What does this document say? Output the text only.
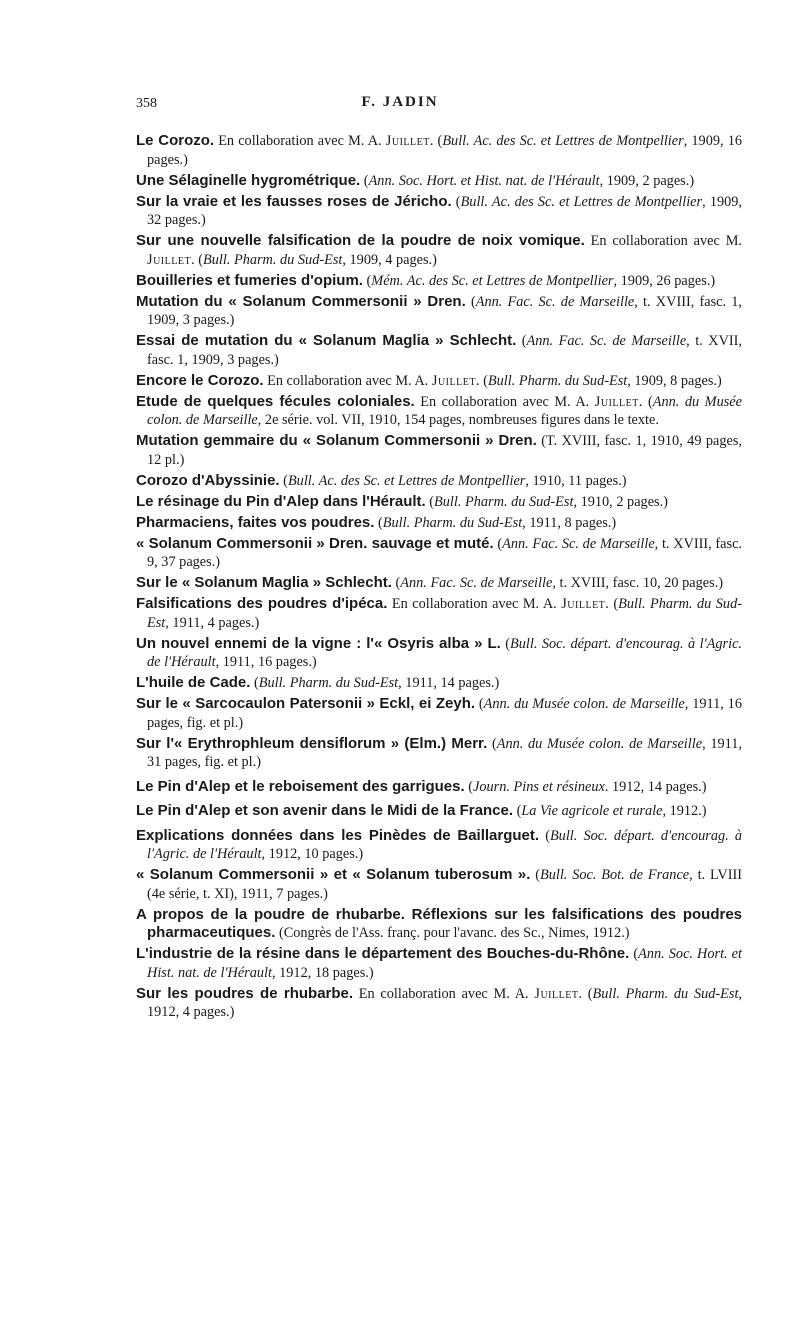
358	F. JADIN

Le Corozo. En collaboration avec M. A. Juillet. (Bull. Ac. des Sc. et Lettres de Montpellier, 1909, 16 pages.)

Une Sélaginelle hygrométrique. (Ann. Soc. Hort. et Hist. nat. de l'Hérault, 1909, 2 pages.)

Sur la vraie et les fausses roses de Jéricho. (Bull. Ac. des Sc. et Lettres de Montpellier, 1909, 32 pages.)

Sur une nouvelle falsification de la poudre de noix vomique. En collaboration avec M. Juillet. (Bull. Pharm. du Sud-Est, 1909, 4 pages.)

Bouilleries et fumeries d'opium. (Mém. Ac. des Sc. et Lettres de Montpellier, 1909, 26 pages.)

Mutation du « Solanum Commersonii » Dren. (Ann. Fac. Sc. de Marseille, t. XVIII, fasc. 1, 1909, 3 pages.)

Essai de mutation du « Solanum Maglia » Schlecht. (Ann. Fac. Sc. de Marseille, t. XVII, fasc. 1, 1909, 3 pages.)

Encore le Corozo. En collaboration avec M. A. Juillet. (Bull. Pharm. du Sud-Est, 1909, 8 pages.)

Etude de quelques fécules coloniales. En collaboration avec M. A. Juillet. (Ann. du Musée colon. de Marseille, 2e série. vol. VII, 1910, 154 pages, nombreuses figures dans le texte.

Mutation gemmaire du « Solanum Commersonii » Dren. (T. XVIII, fasc. 1, 1910, 49 pages, 12 pl.)

Corozo d'Abyssinie. (Bull. Ac. des Sc. et Lettres de Montpellier, 1910, 11 pages.)

Le résinage du Pin d'Alep dans l'Hérault. (Bull. Pharm. du Sud-Est, 1910, 2 pages.)

Pharmaciens, faites vos poudres. (Bull. Pharm. du Sud-Est, 1911, 8 pages.)

« Solanum Commersonii » Dren. sauvage et muté. (Ann. Fac. Sc. de Marseille, t. XVIII, fasc. 9, 37 pages.)

Sur le « Solanum Maglia » Schlecht. (Ann. Fac. Sc. de Marseille, t. XVIII, fasc. 10, 20 pages.)

Falsifications des poudres d'ipéca. En collaboration avec M. A. Juillet. (Bull. Pharm. du Sud-Est, 1911, 4 pages.)

Un nouvel ennemi de la vigne : l'« Osyris alba » L. (Bull. Soc. départ. d'encourag. à l'Agric. de l'Hérault, 1911, 16 pages.)

L'huile de Cade. (Bull. Pharm. du Sud-Est, 1911, 14 pages.)

Sur le « Sarcocaulon Patersonii » Eckl, ei Zeyh. (Ann. du Musée colon. de Marseille, 1911, 16 pages, fig. et pl.)

Sur l'« Erythrophleum densiflorum » (Elm.) Merr. (Ann. du Musée colon. de Marseille, 1911, 31 pages, fig. et pl.)

Le Pin d'Alep et le reboisement des garrigues. (Journ. Pins et résineux. 1912, 14 pages.)

Le Pin d'Alep et son avenir dans le Midi de la France. (La Vie agricole et rurale, 1912.)

Explications données dans les Pinèdes de Baillarguet. (Bull. Soc. départ. d'encourag. à l'Agric. de l'Hérault, 1912, 10 pages.)

« Solanum Commersonii » et « Solanum tuberosum ». (Bull. Soc. Bot. de France, t. LVIII (4e série, t. XI), 1911, 7 pages.)

A propos de la poudre de rhubarbe. Réflexions sur les falsifications des poudres pharmaceutiques. (Congrès de l'Ass. franç. pour l'avanc. des Sc., Nimes, 1912.)

L'industrie de la résine dans le département des Bouches-du-Rhône. (Ann. Soc. Hort. et Hist. nat. de l'Hérault, 1912, 18 pages.)

Sur les poudres de rhubarbe. En collaboration avec M. A. Juillet. (Bull. Pharm. du Sud-Est, 1912, 4 pages.)
